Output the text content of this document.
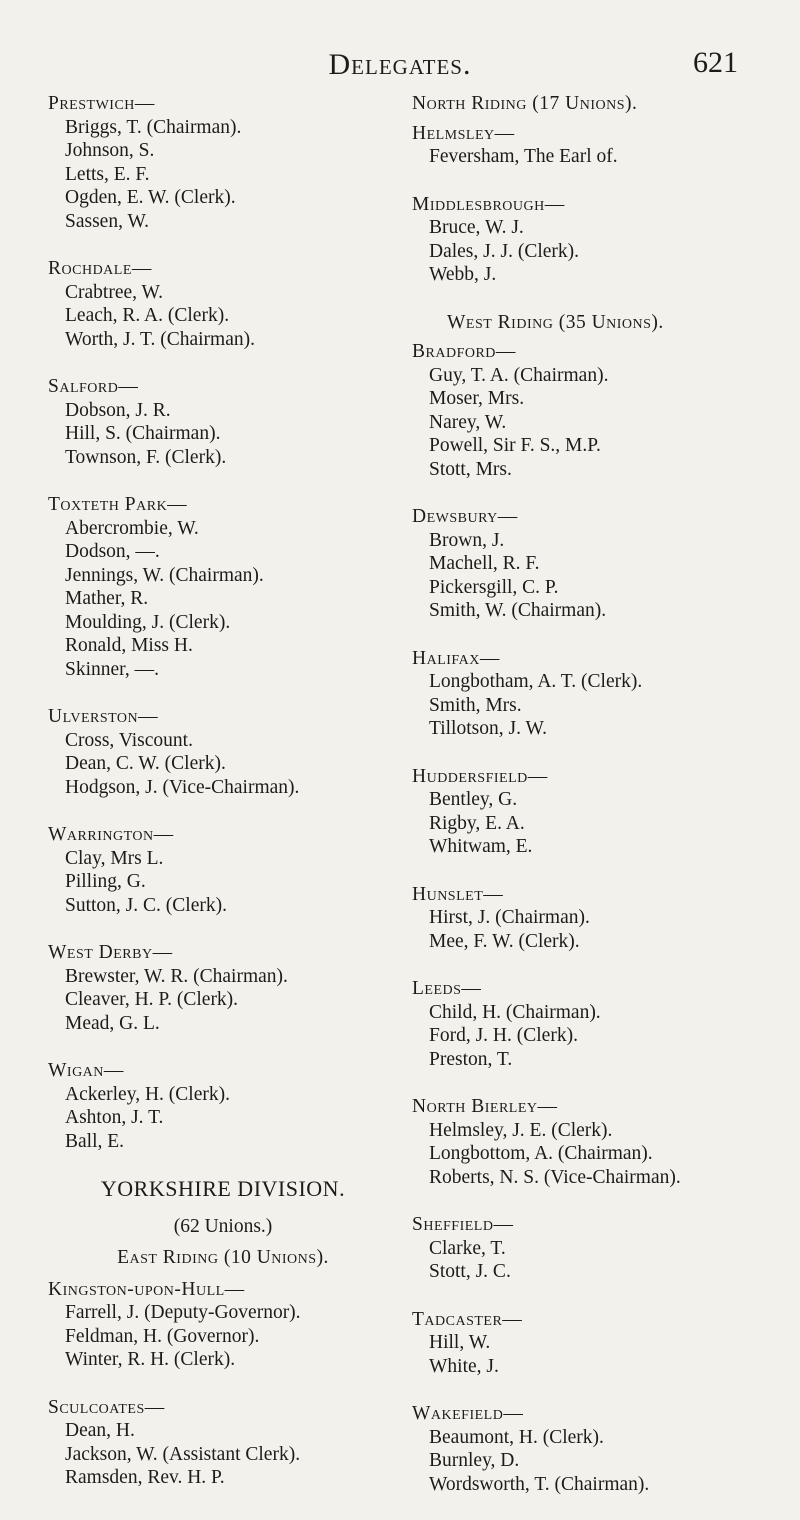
Delegates.	621
Prestwich—
Briggs, T. (Chairman).
Johnson, S.
Letts, E. F.
Ogden, E. W. (Clerk).
Sassen, W.
Rochdale—
Crabtree, W.
Leach, R. A. (Clerk).
Worth, J. T. (Chairman).
Salford—
Dobson, J. R.
Hill, S. (Chairman).
Townson, F. (Clerk).
Toxteth Park—
Abercrombie, W.
Dodson, —.
Jennings, W. (Chairman).
Mather, R.
Moulding, J. (Clerk).
Ronald, Miss H.
Skinner, —.
Ulverston—
Cross, Viscount.
Dean, C. W. (Clerk).
Hodgson, J. (Vice-Chairman).
Warrington—
Clay, Mrs L.
Pilling, G.
Sutton, J. C. (Clerk).
West Derby—
Brewster, W. R. (Chairman).
Cleaver, H. P. (Clerk).
Mead, G. L.
Wigan—
Ackerley, H. (Clerk).
Ashton, J. T.
Ball, E.
YORKSHIRE DIVISION.
(62 Unions.)
East Riding (10 Unions).
Kingston-upon-Hull—
Farrell, J. (Deputy-Governor).
Feldman, H. (Governor).
Winter, R. H. (Clerk).
Sculcoates—
Dean, H.
Jackson, W. (Assistant Clerk).
Ramsden, Rev. H. P.
North Riding (17 Unions).
Helmsley—
Feversham, The Earl of.
Middlesbrough—
Bruce, W. J.
Dales, J. J. (Clerk).
Webb, J.
West Riding (35 Unions).
Bradford—
Guy, T. A. (Chairman).
Moser, Mrs.
Narey, W.
Powell, Sir F. S., M.P.
Stott, Mrs.
Dewsbury—
Brown, J.
Machell, R. F.
Pickersgill, C. P.
Smith, W. (Chairman).
Halifax—
Longbotham, A. T. (Clerk).
Smith, Mrs.
Tillotson, J. W.
Huddersfield—
Bentley, G.
Rigby, E. A.
Whitwam, E.
Hunslet—
Hirst, J. (Chairman).
Mee, F. W. (Clerk).
Leeds—
Child, H. (Chairman).
Ford, J. H. (Clerk).
Preston, T.
North Bierley—
Helmsley, J. E. (Clerk).
Longbottom, A. (Chairman).
Roberts, N. S. (Vice-Chairman).
Sheffield—
Clarke, T.
Stott, J. C.
Tadcaster—
Hill, W.
White, J.
Wakefield—
Beaumont, H. (Clerk).
Burnley, D.
Wordsworth, T. (Chairman).
